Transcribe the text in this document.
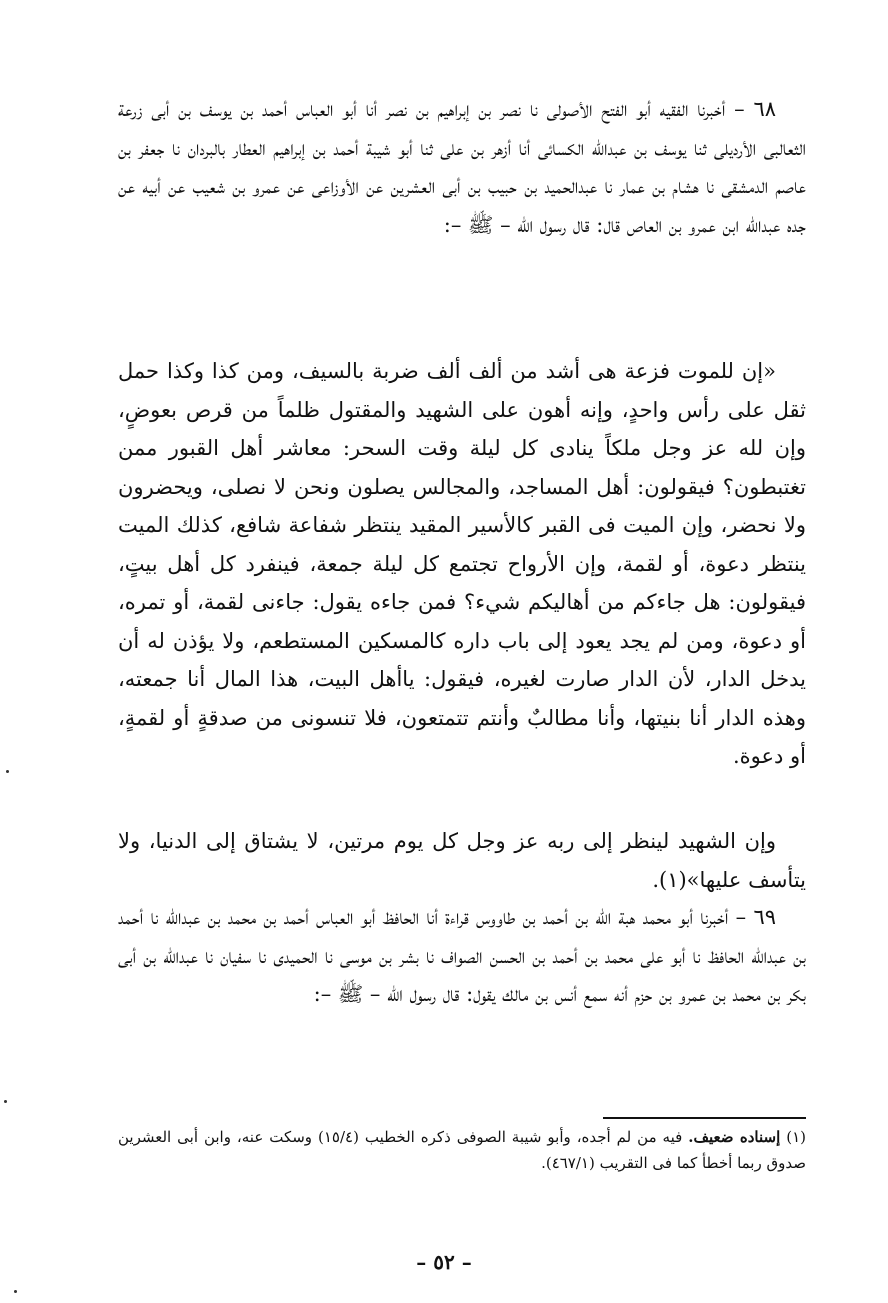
٦٨ – أخبرنا الفقيه أبو الفتح الأصولى نا نصر بن إبراهيم بن نصر أنا أبو العباس أحمد بن يوسف بن أبى زرعة الثعالبى الأرديلى ثنا يوسف بن عبدالله الكسائى أنا أزهر بن على ثنا أبو شيبة أحمد بن إبراهيم العطار بالبردان نا جعفر بن عاصم الدمشقى نا هشام بن عمار نا عبدالحميد بن حبيب بن أبى العشرين عن الأوزاعى عن عمرو بن شعيب عن أبيه عن جده عبدالله ابن عمرو بن العاص قال: قال رسول الله – ﷺ –:

«إن للموت فزعة هى أشد من ألف ألف ضربة بالسيف، ومن كذا وكذا حمل ثقل على رأس واحدٍ، وإنه أهون على الشهيد والمقتول ظلماً من قرص بعوضٍ، وإن لله عز وجل ملكاً ينادى كل ليلة وقت السحر: معاشر أهل القبور ممن تغتبطون؟ فيقولون: أهل المساجد، والمجالس يصلون ونحن لا نصلى، ويحضرون ولا نحضر، وإن الميت فى القبر كالأسير المقيد ينتظر شفاعة شافع، كذلك الميت ينتظر دعوة، أو لقمة، وإن الأرواح تجتمع كل ليلة جمعة، فينفرد كل أهل بيتٍ، فيقولون: هل جاءكم من أهاليكم شيء؟ فمن جاءه يقول: جاءنى لقمة، أو تمره، أو دعوة، ومن لم يجد يعود إلى باب داره كالمسكين المستطعم، ولا يؤذن له أن يدخل الدار، لأن الدار صارت لغيره، فيقول: ياأهل البيت، هذا المال أنا جمعته، وهذه الدار أنا بنيتها، وأنا مطالبٌ وأنتم تتمتعون، فلا تنسونى من صدقةٍ أو لقمةٍ، أو دعوة.

وإن الشهيد لينظر إلى ربه عز وجل كل يوم مرتين، لا يشتاق إلى الدنيا، ولا يتأسف عليها»(١).

٦٩ – أخبرنا أبو محمد هبة الله بن أحمد بن طاووس قراءة أنا الحافظ أبو العباس أحمد بن محمد بن عبدالله نا أحمد بن عبدالله الحافظ نا أبو على محمد بن أحمد بن الحسن الصواف نا بشر بن موسى نا الحميدى نا سفيان نا عبدالله بن أبى بكر بن محمد بن عمرو بن حزم أنه سمع أنس بن مالك يقول: قال رسول الله – ﷺ –:

(١) إسناده ضعيف. فيه من لم أجده، وأبو شيبة الصوفى ذكره الخطيب (١٥/٤) وسكت عنه، وابن أبى العشرين صدوق ربما أخطأ كما فى التقريب (٤٦٧/١).

– ٥٢ –
